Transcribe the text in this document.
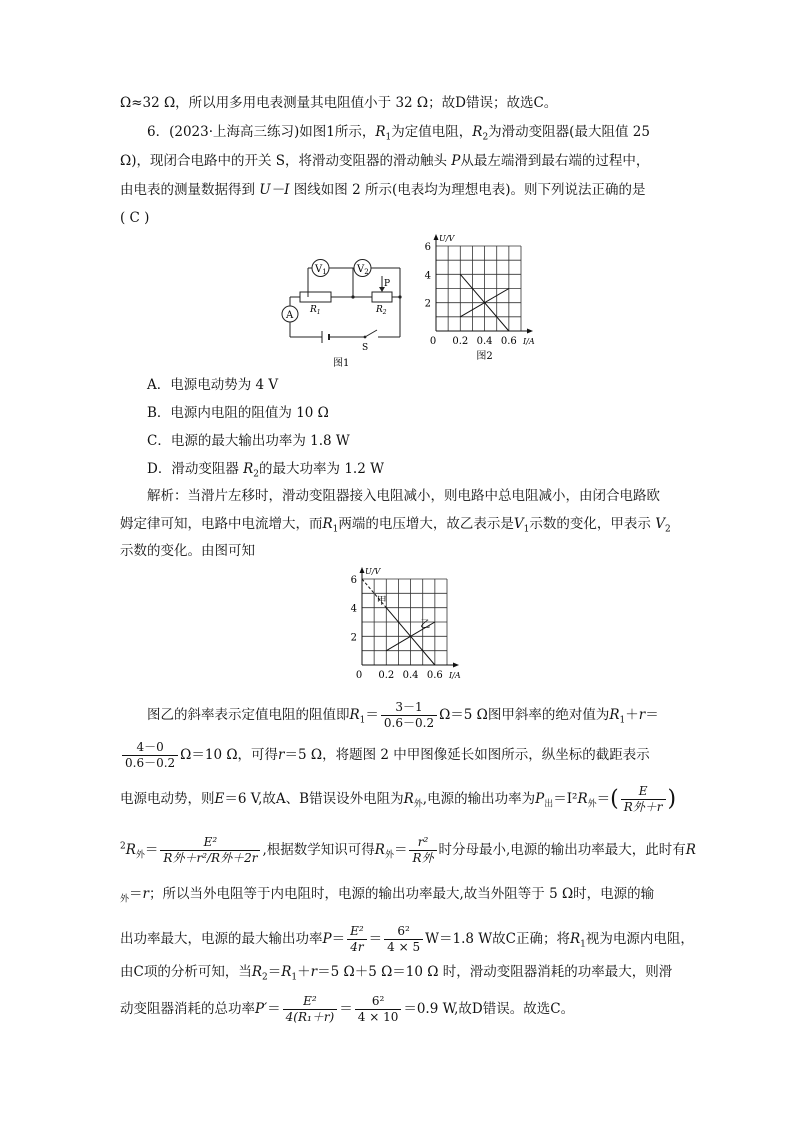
Ω≈32 Ω，所以用多用电表测量其电阻值小于 32 Ω；故D错误；故选C。
6．(2023·上海高三练习)如图1所示，$R_1$为定值电阻，$R_2$为滑动变阻器(最大阻值 25
Ω)，现闭合电路中的开关 S，将滑动变阻器的滑动触头 P从最左端滑到最右端的过程中，
由电表的测量数据得到 U－I 图线如图 2 所示(电表均为理想电表)。则下列说法正确的是
( C )
$V_1$	$V_2$
P
$R_1$	$R_2$
A
S
图1
0 0.2 0.4 0.6
2
4
6
U/V
I/A
图2
A．电源电动势为 4 V
B．电源内电阻的阻值为 10 Ω
C．电源的最大输出功率为 1.8 W
D．滑动变阻器 $R_2$的最大功率为 1.2 W
解析：当滑片左移时，滑动变阻器接入电阻减小，则电路中总电阻减小，由闭合电路欧
姆定律可知，电路中电流增大，而$R_1$两端的电压增大，故乙表示是$V_1$示数的变化，甲表示 $V_2$
示数的变化。由图可知
0 0.2 0.4 0.6
2
4
6
U/V
I/A
甲
乙
图乙的斜率表示定值电阻的阻值即$R_1= \frac{3-1}{0.6-0.2} \Omega=5$ Ω图甲斜率的绝对值为$R_1+r=$
$\frac{4-0}{0.6-0.2} \Omega=10$ Ω，可得r＝5 Ω，将题图 2 中甲图像延长如图所示，纵坐标的截距表示
电源电动势，则E＝6 V,故A、B错误设外电阻为$R_外$,电源的输出功率为$P_出=I^2R_外=( \frac{E}{\text{R外＋r}}$ )
$^2R_外= \frac{\text{E²}}{\text{R外＋r²/R外＋2r}}$ ,根据数学知识可得$R_外= \frac{\text{r²}}{\text{R外}}$ 时分母最小,电源的输出功率最大，此时有R
$_外$＝r；所以当外电阻等于内电阻时，电源的输出功率最大,故当外阻等于 5 Ω时，电源的输
出功率最大，电源的最大输出功率$P= \frac{\text{E²}}{4r} = \frac{\text{6²}}{4 \times 5} W=1.8$ W故C正确；将$R_1$视为电源内电阻，
由C项的分析可知，当$R_2=R_1+r=5$ Ω＋5 Ω＝10 Ω 时，滑动变阻器消耗的功率最大，则滑
动变阻器消耗的总功率$P'= \frac{\text{E²}}{\text{4(R₁＋r)}} = \frac{\text{6²}}{4 \times 10} =0.9$ W,故D错误。故选C。
